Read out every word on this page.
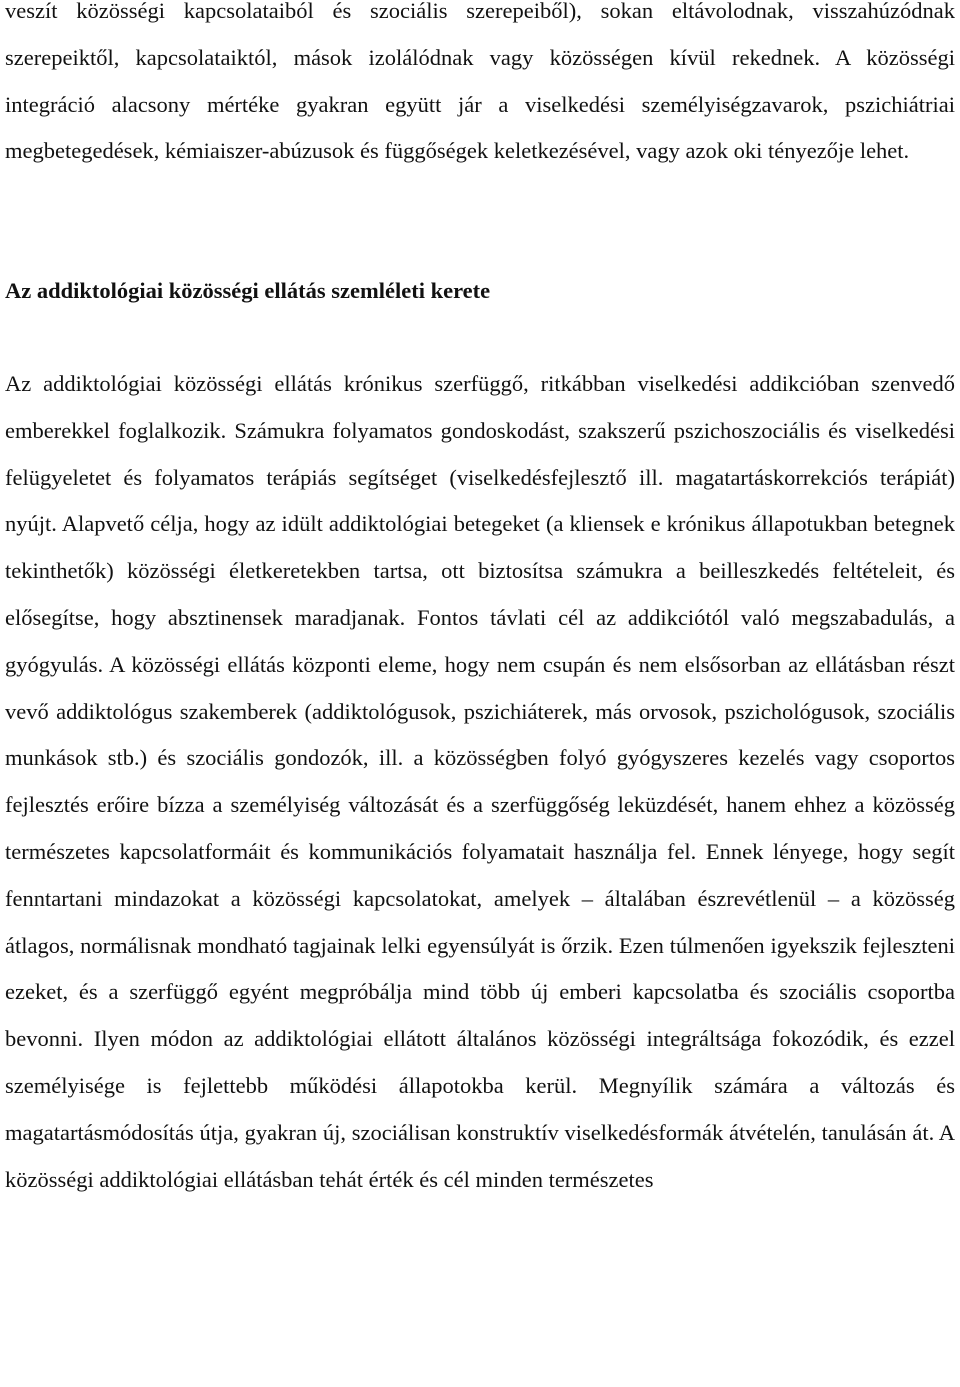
veszít közösségi kapcsolataiból és szociális szerepeiből), sokan eltávolodnak, visszahúzódnak szerepeiktől, kapcsolataiktól, mások izolálódnak vagy közösségen kívül rekednek. A közösségi integráció alacsony mértéke gyakran együtt jár a viselkedési személyiségzavarok, pszichiátriai megbetegedések, kémiaiszer-abúzusok és függőségek keletkezésével, vagy azok oki tényezője lehet.

Az addiktológiai közösségi ellátás szemléleti kerete

Az addiktológiai közösségi ellátás krónikus szerfüggő, ritkábban viselkedési addikcióban szenvedő emberekkel foglalkozik. Számukra folyamatos gondoskodást, szakszerű pszichoszociális és viselkedési felügyeletet és folyamatos terápiás segítséget (viselkedésfejlesztő ill. magatartáskorrekciós terápiát) nyújt. Alapvető célja, hogy az idült addiktológiai betegeket (a kliensek e krónikus állapotukban betegnek tekinthetők) közösségi életkeretekben tartsa, ott biztosítsa számukra a beilleszkedés feltételeit, és elősegítse, hogy absztinensek maradjanak. Fontos távlati cél az addikciótól való megszabadulás, a gyógyulás. A közösségi ellátás központi eleme, hogy nem csupán és nem elsősorban az ellátásban részt vevő addiktológus szakemberek (addiktológusok, pszichiáterek, más orvosok, pszichológusok, szociális munkások stb.) és szociális gondozók, ill. a közösségben folyó gyógyszeres kezelés vagy csoportos fejlesztés erőire bízza a személyiség változását és a szerfüggőség leküzdését, hanem ehhez a közösség természetes kapcsolatformáit és kommunikációs folyamatait használja fel. Ennek lényege, hogy segít fenntartani mindazokat a közösségi kapcsolatokat, amelyek – általában észrevétlenül – a közösség átlagos, normálisnak mondható tagjainak lelki egyensúlyát is őrzik. Ezen túlmenően igyekszik fejleszteni ezeket, és a szerfüggő egyént megpróbálja mind több új emberi kapcsolatba és szociális csoportba bevonni. Ilyen módon az addiktológiai ellátott általános közösségi integráltsága fokozódik, és ezzel személyisége is fejlettebb működési állapotokba kerül. Megnyílik számára a változás és magatartásmódosítás útja, gyakran új, szociálisan konstruktív viselkedésformák átvételén, tanulásán át. A közösségi addiktológiai ellátásban tehát érték és cél minden természetes
